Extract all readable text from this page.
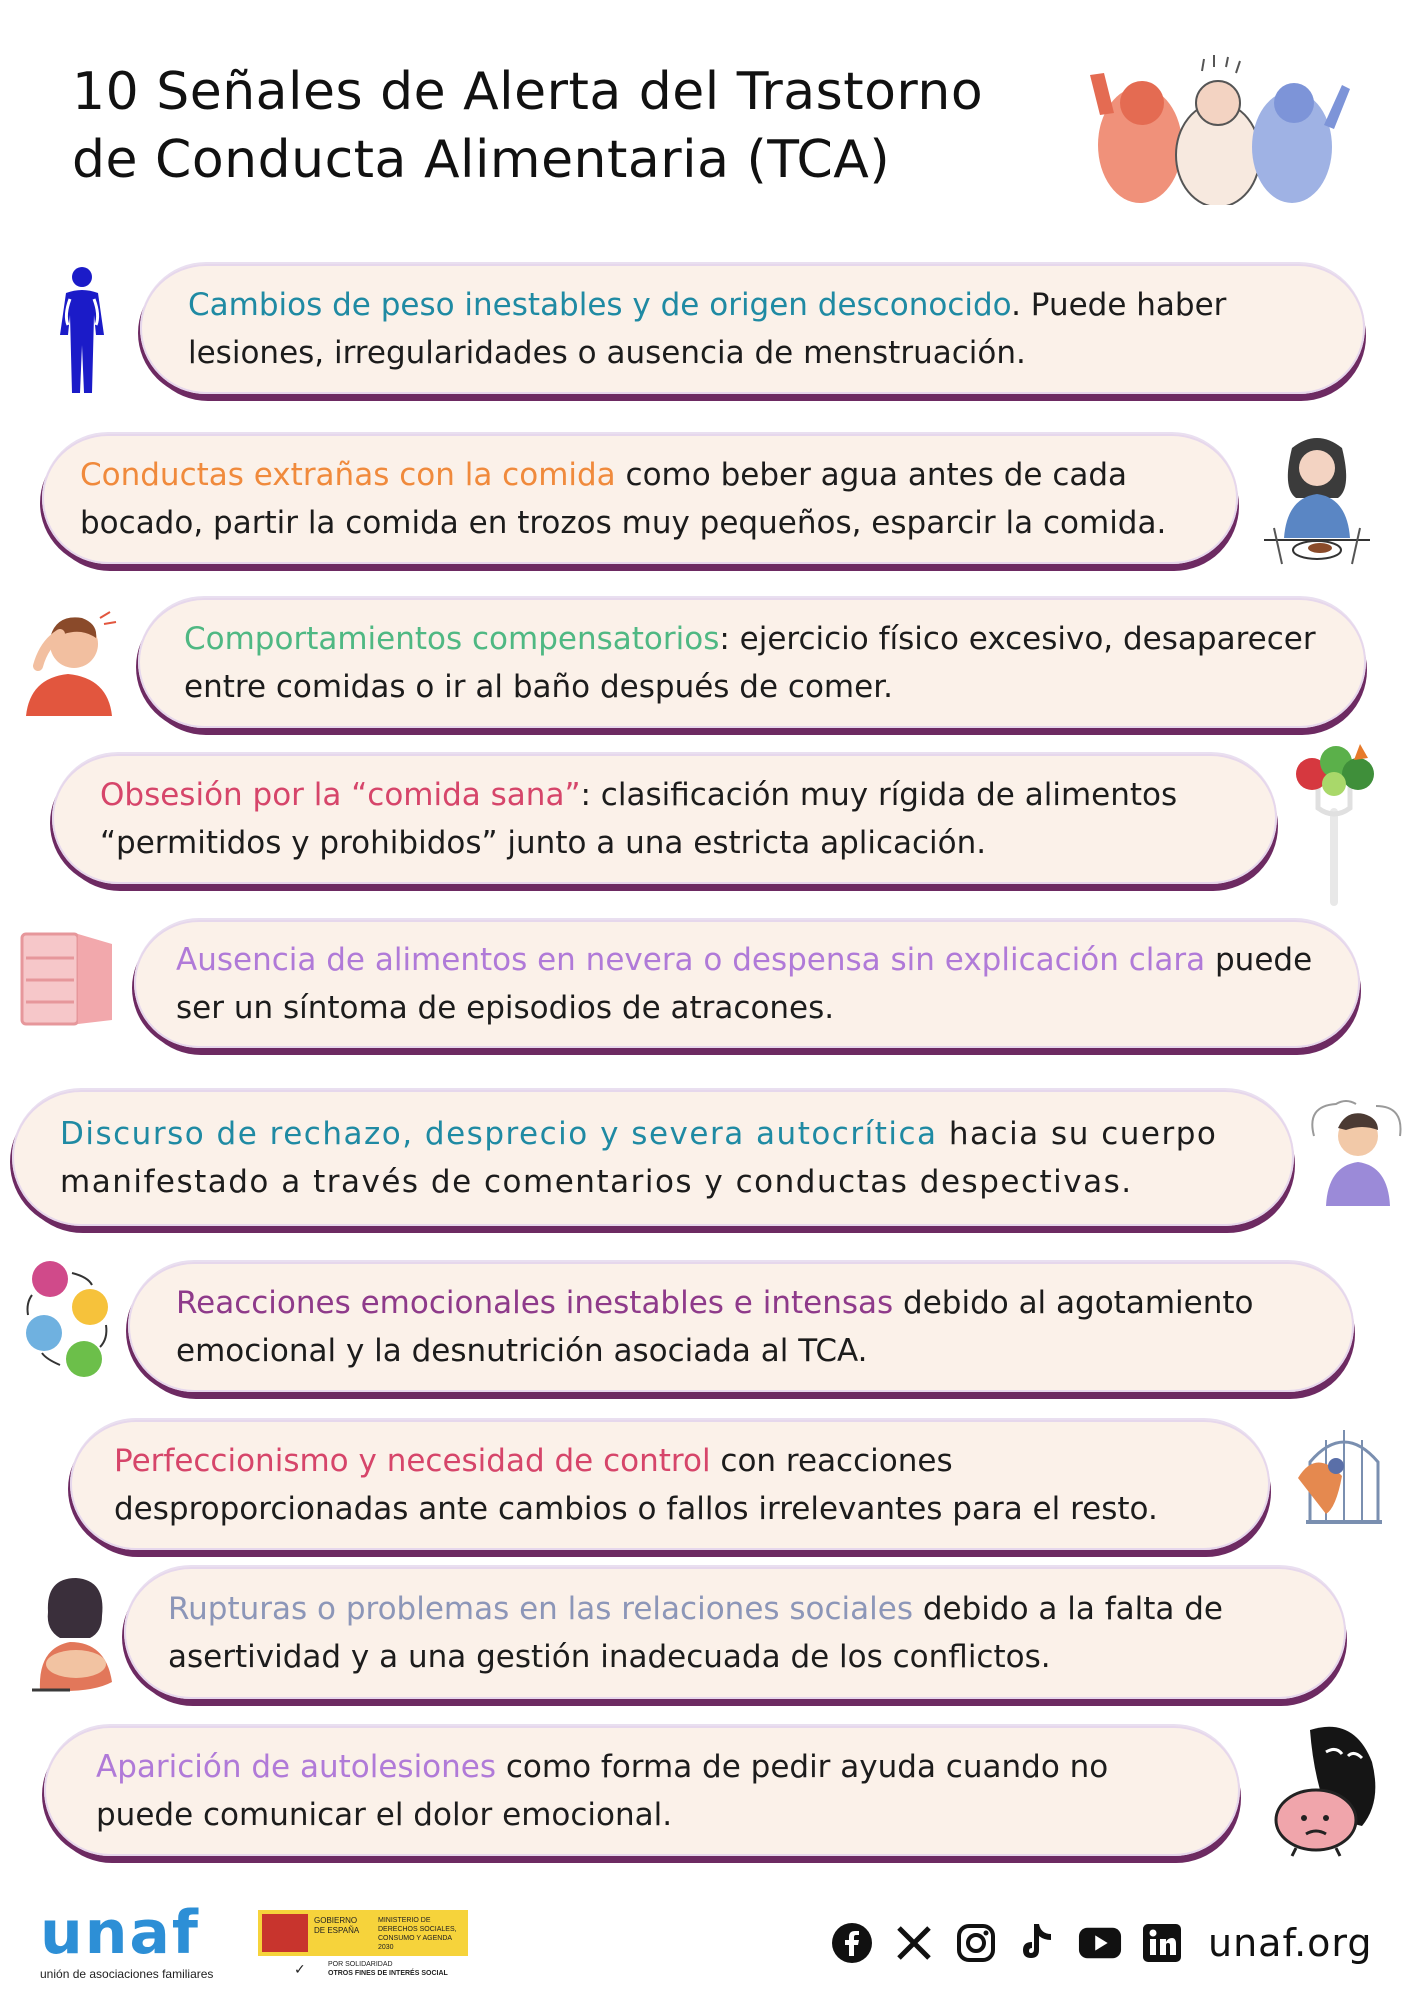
10 Señales de Alerta del Trastorno
de Conducta Alimentaria (TCA)

Cambios de peso inestables y de origen desconocido. Puede haber lesiones, irregularidades o ausencia de menstruación.

Conductas extrañas con la comida como beber agua antes de cada bocado, partir la comida en trozos muy pequeños, esparcir la comida.

Comportamientos compensatorios: ejercicio físico excesivo, desaparecer entre comidas o ir al baño después de comer.

Obsesión por la “comida sana”: clasificación muy rígida de alimentos “permitidos y prohibidos” junto a una estricta aplicación.

Ausencia de alimentos en nevera o despensa sin explicación clara puede ser un síntoma de episodios de atracones.

Discurso de rechazo, desprecio y severa autocrítica hacia su cuerpo manifestado a través de comentarios y conductas despectivas.

Reacciones emocionales inestables e intensas debido al agotamiento emocional y la desnutrición asociada al TCA.

Perfeccionismo y necesidad de control con reacciones desproporcionadas ante cambios o fallos irrelevantes para el resto.

Rupturas o problemas en las relaciones sociales debido a la falta de asertividad y a una gestión inadecuada de los conflictos.

Aparición de autolesiones como forma de pedir ayuda cuando no puede comunicar el dolor emocional.

unaf
unión de asociaciones familiares
GOBIERNO
DE ESPAÑA
MINISTERIO DE DERECHOS SOCIALES, CONSUMO Y AGENDA 2030
✓	POR SOLIDARIDAD
OTROS FINES DE INTERÉS SOCIAL
unaf.org
